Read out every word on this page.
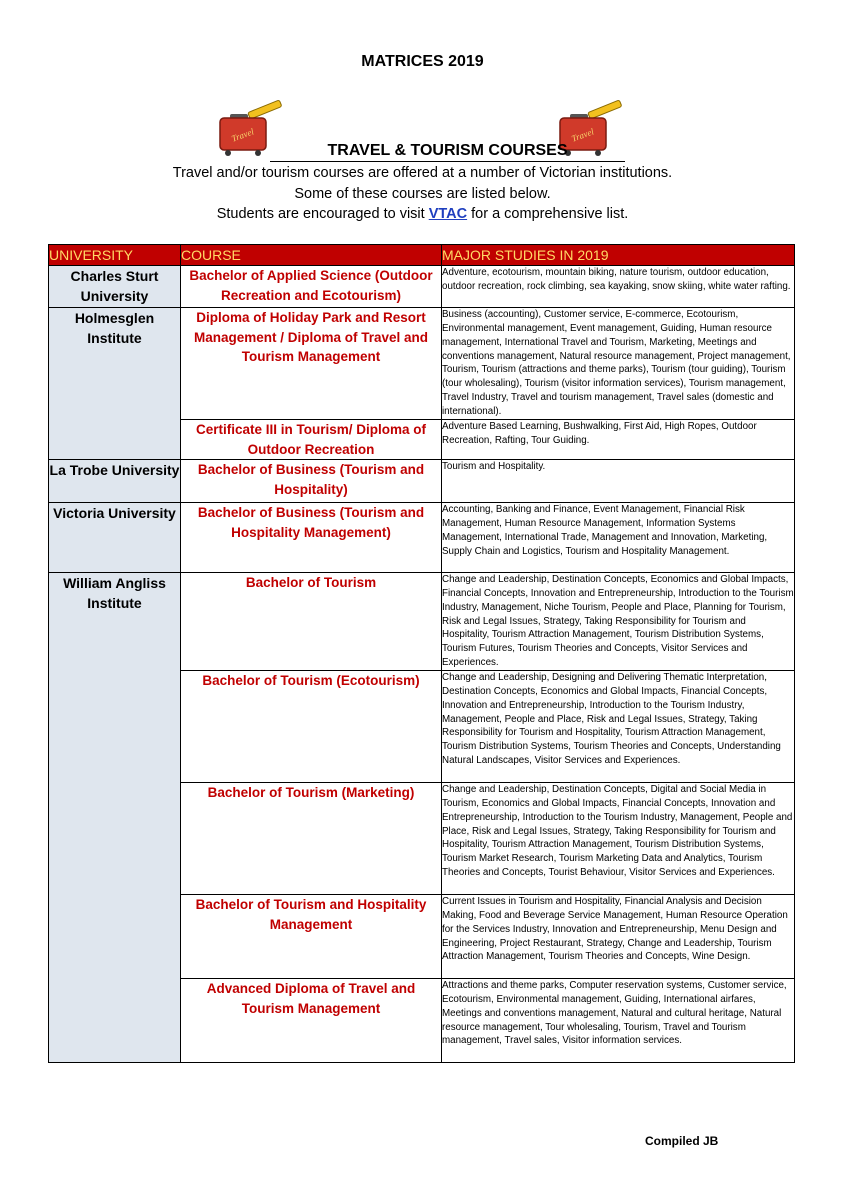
MATRICES 2019
Travel	Travel
TRAVEL & TOURISM COURSES
Travel and/or tourism courses are offered at a number of Victorian institutions.
Some of these courses are listed below.
Students are encouraged to visit VTAC for a comprehensive list.
UNIVERSITY	COURSE	MAJOR STUDIES IN 2019
Charles Sturt University	Bachelor of Applied Science (Outdoor Recreation and Ecotourism)	Adventure, ecotourism, mountain biking, nature tourism, outdoor education, outdoor recreation, rock climbing, sea kayaking, snow skiing, white water rafting.
Holmesglen Institute	Diploma of Holiday Park and Resort Management / Diploma of Travel and Tourism Management	Business (accounting), Customer service, E-commerce, Ecotourism, Environmental management, Event management, Guiding, Human resource management, International Travel and Tourism, Marketing, Meetings and conventions management, Natural resource management, Project management, Tourism, Tourism (attractions and theme parks), Tourism (tour guiding), Tourism (tour wholesaling), Tourism (visitor information services), Tourism management, Travel Industry, Travel and tourism management, Travel sales (domestic and international).
	Certificate III in Tourism/ Diploma of Outdoor Recreation	Adventure Based Learning, Bushwalking, First Aid, High Ropes, Outdoor Recreation, Rafting, Tour Guiding.
La Trobe University	Bachelor of Business (Tourism and Hospitality)	Tourism and Hospitality.
Victoria University	Bachelor of Business (Tourism and Hospitality Management)	Accounting, Banking and Finance, Event Management, Financial Risk Management, Human Resource Management, Information Systems Management, International Trade, Management and Innovation, Marketing, Supply Chain and Logistics, Tourism and Hospitality Management.
William Angliss Institute	Bachelor of Tourism	Change and Leadership, Destination Concepts, Economics and Global Impacts, Financial Concepts, Innovation and Entrepreneurship, Introduction to the Tourism Industry, Management, Niche Tourism, People and Place, Planning for Tourism, Risk and Legal Issues, Strategy, Taking Responsibility for Tourism and Hospitality, Tourism Attraction Management, Tourism Distribution Systems, Tourism Futures, Tourism Theories and Concepts, Visitor Services and Experiences.
	Bachelor of Tourism (Ecotourism)	Change and Leadership, Designing and Delivering Thematic Interpretation, Destination Concepts, Economics and Global Impacts, Financial Concepts, Innovation and Entrepreneurship, Introduction to the Tourism Industry, Management, People and Place, Risk and Legal Issues, Strategy, Taking Responsibility for Tourism and Hospitality, Tourism Attraction Management, Tourism Distribution Systems, Tourism Theories and Concepts, Understanding Natural Landscapes, Visitor Services and Experiences.
	Bachelor of Tourism (Marketing)	Change and Leadership, Destination Concepts, Digital and Social Media in Tourism, Economics and Global Impacts, Financial Concepts, Innovation and Entrepreneurship, Introduction to the Tourism Industry, Management, People and Place, Risk and Legal Issues, Strategy, Taking Responsibility for Tourism and Hospitality, Tourism Attraction Management, Tourism Distribution Systems, Tourism Market Research, Tourism Marketing Data and Analytics, Tourism Theories and Concepts, Tourist Behaviour, Visitor Services and Experiences.
	Bachelor of Tourism and Hospitality Management	Current Issues in Tourism and Hospitality, Financial Analysis and Decision Making, Food and Beverage Service Management, Human Resource Operation for the Services Industry, Innovation and Entrepreneurship, Menu Design and Engineering, Project Restaurant, Strategy, Change and Leadership, Tourism Attraction Management, Tourism Theories and Concepts, Wine Design.
	Advanced Diploma of Travel and Tourism Management	Attractions and theme parks, Computer reservation systems, Customer service, Ecotourism, Environmental management, Guiding, International airfares, Meetings and conventions management, Natural and cultural heritage, Natural resource management, Tour wholesaling, Tourism, Travel and Tourism management, Travel sales, Visitor information services.
Compiled JB
